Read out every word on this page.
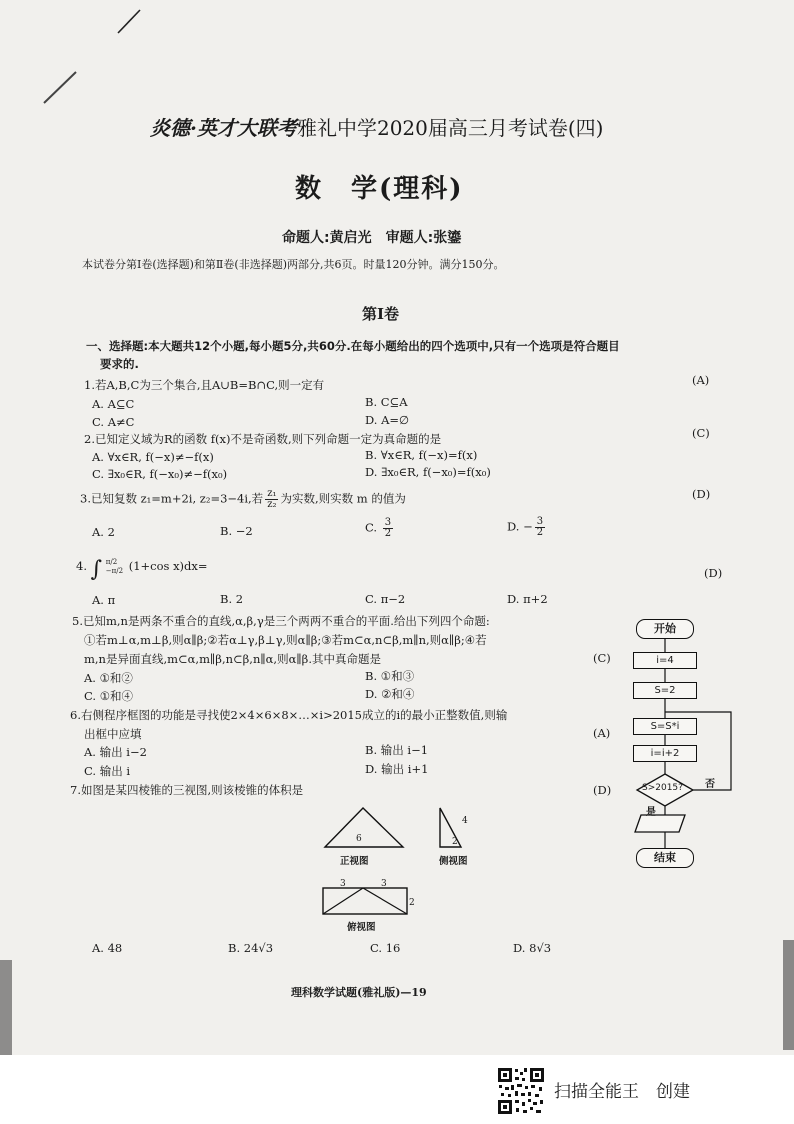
炎德·英才大联考雅礼中学2020届高三月考试卷(四)
数　学(理科)
命题人:黄启光　审题人:张鎏
本试卷分第Ⅰ卷(选择题)和第Ⅱ卷(非选择题)两部分,共6页。时量120分钟。满分150分。
第Ⅰ卷
一、选择题:本大题共12个小题,每小题5分,共60分.在每小题给出的四个选项中,只有一个选项是符合题目
要求的.
1.若A,B,C为三个集合,且A∪B=B∩C,则一定有	(A)
A. A⊆C	B. C⊆A
C. A≠C	D. A=∅
2.已知定义域为R的函数 f(x)不是奇函数,则下列命题一定为真命题的是	(C)
A. ∀x∈R, f(−x)≠−f(x)	B. ∀x∈R, f(−x)=f(x)
C. ∃x₀∈R, f(−x₀)≠−f(x₀)	D. ∃x₀∈R, f(−x₀)=f(x₀)
3.已知复数 z₁=m+2i, z₂=3−4i,若 $\frac{\text{z₁}}{\text{z₂}}$ 为实数,则实数 m 的值为	(D)
A. 2	B. −2	C. $\frac{3}{2}$	D. − $\frac{3}{2}$
4. ∫ π/2
−π/2 (1+cos x)dx=	(D)
A. π	B. 2	C. π−2	D. π+2
5.已知m,n是两条不重合的直线,α,β,γ是三个两两不重合的平面.给出下列四个命题:
①若m⊥α,m⊥β,则α∥β;②若α⊥γ,β⊥γ,则α∥β;③若m⊂α,n⊂β,m∥n,则α∥β;④若
m,n是异面直线,m⊂α,m∥β,n⊂β,n∥α,则α∥β.其中真命题是	(C)
A. ①和②	B. ①和③
C. ①和④	D. ②和④
6.右侧程序框图的功能是寻找使2×4×6×8×…×i>2015成立的i的最小正整数值,则输
出框中应填	(A)
A. 输出 i−2	B. 输出 i−1
C. 输出 i	D. 输出 i+1
7.如图是某四棱锥的三视图,则该棱锥的体积是	(D)
6
正视图
4
2
侧视图
3	3
2
俯视图
A. 48	B. 24√3	C. 16	D. 8√3
开始
i=4
S=2
S=S*i
i=i+2
S>2015? 否
是
结束
理科数学试题(雅礼版)—19
扫描全能王　创建
